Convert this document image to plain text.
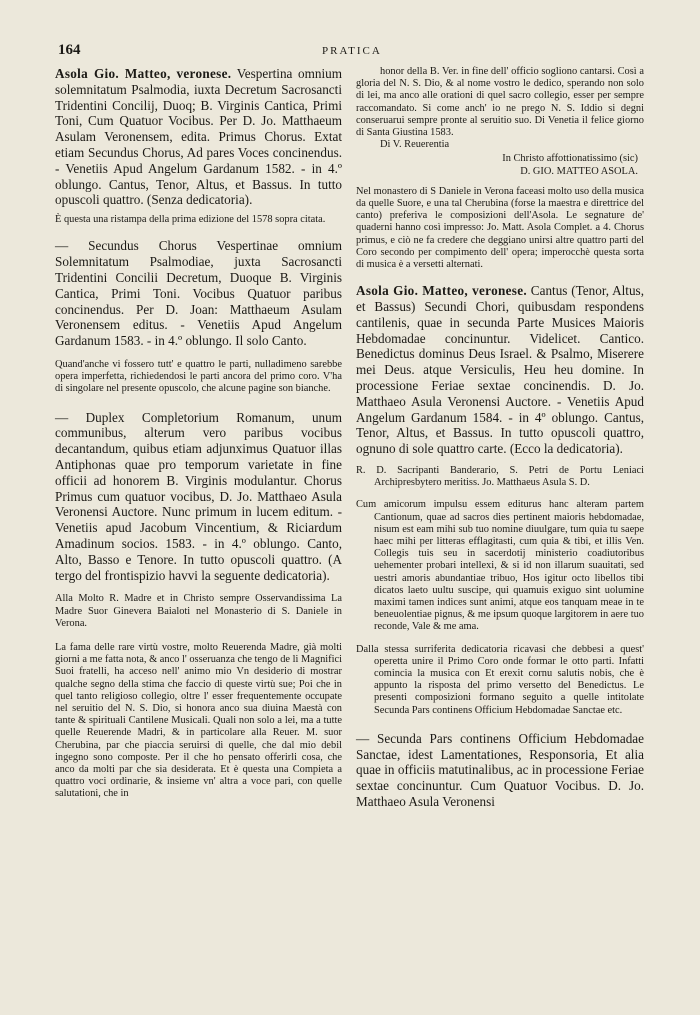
164	PRATICA
Asola Gio. Matteo, veronese. Vespertina omnium solemnitatum Psalmodia, iuxta Decretum Sacrosancti Tridentini Concilij, Duoq; B. Virginis Cantica, Primi Toni, Cum Quatuor Vocibus. Per D. Jo. Matthaeum Asulam Veronensem, edita. Primus Chorus. Extat etiam Secundus Chorus, Ad pares Voces concinendus. - Venetiis Apud Angelum Gardanum 1582. - in 4.º oblungo. Cantus, Tenor, Altus, et Bassus. In tutto opuscoli quattro. (Senza dedicatoria).
È questa una ristampa della prima edizione del 1578 sopra citata.
— Secundus Chorus Vespertinae omnium Solemnitatum Psalmodiae, juxta Sacrosancti Tridentini Concilii Decretum, Duoque B. Virginis Cantica, Primi Toni. Vocibus Quatuor paribus concinendus. Per D. Joan: Matthaeum Asulam Veronensem editus. - Venetiis Apud Angelum Gardanum 1583. - in 4.º oblungo. Il solo Canto.
Quand'anche vi fossero tutt' e quattro le parti, nulladimeno sarebbe opera imperfetta, richiedendosi le parti ancora del primo coro. V'ha di singolare nel presente opuscolo, che alcune pagine son bianche.
— Duplex Completorium Romanum, unum communibus, alterum vero paribus vocibus decantandum, quibus etiam adjunximus Quatuor illas Antiphonas quae pro temporum varietate in fine officii ad honorem B. Virginis modulantur. Chorus Primus cum quatuor vocibus, D. Jo. Matthaeo Asula Veronensi Auctore. Nunc primum in lucem editum. - Venetiis apud Jacobum Vincentium, & Riciardum Amadinum socios. 1583. - in 4.º oblungo. Canto, Alto, Basso e Tenore. In tutto opuscoli quattro. (A tergo del frontispizio havvi la seguente dedicatoria).
Alla Molto R. Madre et in Christo sempre Osservandissima La Madre Suor Ginevera Baialoti nel Monasterio di S. Daniele in Verona.
La fama delle rare virtù vostre, molto Reuerenda Madre, già molti giorni a me fatta nota, & anco l' osseruanza che tengo de li Magnifici Suoi fratelli, ha acceso nell' animo mio Vn desiderio di mostrar qualche segno della stima che faccio di queste virtù sue; Poi che in quel tanto religioso collegio, oltre l' esser frequentemente occupate nel seruitio del N. S. Dio, si honora anco sua diuina Maestà con tante & spirituali Cantilene Musicali. Quali non solo a lei, ma a tutte quelle Reuerende Madri, & in particolare alla Reuer. M. suor Cherubina, par che piaccia seruirsi di quelle, che dal mio debil ingegno sono composte. Per il che ho pensato offerirli cosa, che anco da molti par che sia desiderata. Et è questa una Compieta a quattro voci ordinarie, & insieme vn' altra a voce pari, con quelle salutationi, che in
honor della B. Ver. in fine dell' officio sogliono cantarsi. Così a gloria del N. S. Dio, & al nome vostro le dedico, sperando non solo di lei, ma anco alle orationi di quel sacro collegio, esser per sempre raccomandato. Si come anch' io ne prego N. S. Iddio si degni conseruarui sempre pronte al seruitio suo. Di Venetia il felice giorno di Santa Giustina 1583.
Di V. Reuerentia
In Christo affottionatissimo (sic)
D. GIO. MATTEO ASOLA.
Nel monastero di S Daniele in Verona faceasi molto uso della musica da quelle Suore, e una tal Cherubina (forse la maestra e direttrice del canto) preferiva le composizioni dell'Asola. Le segnature de' quaderni hanno così impresso: Jo. Matt. Asola Complet. a 4. Chorus primus, e ciò ne fa credere che deggiano unirsi altre quattro parti del Coro secondo per compimento dell' opera; imperocchè questa sorta di musica è a versetti alternati.
Asola Gio. Matteo, veronese. Cantus (Tenor, Altus, et Bassus) Secundi Chori, quibusdam respondens cantilenis, quae in secunda Parte Musices Maioris Hebdomadae concinuntur. Videlicet. Cantico. Benedictus dominus Deus Israel. & Psalmo, Miserere mei Deus. atque Versiculis, Heu heu domine. In processione Feriae sextae concinendis. D. Jo. Matthaeo Asula Veronensi Auctore. - Venetiis Apud Angelum Gardanum 1584. - in 4º oblungo. Cantus, Tenor, Altus, et Bassus. In tutto opuscoli quattro, ognuno di sole quattro carte. (Ecco la dedicatoria).
R. D. Sacripanti Banderario, S. Petri de Portu Leniaci Archipresbytero meritiss. Jo. Matthaeus Asula S. D.
Cum amicorum impulsu essem editurus hanc alteram partem Cantionum, quae ad sacros dies pertinent maioris hebdomadae, nisum est eam mihi sub tuo nomine diuulgare, tum quia tu saepe haec mihi per litteras efflagitasti, cum quia & tibi, et illis Ven. Collegis tuis seu in sacerdotij ministerio coadiutoribus uehementer probari intellexi, & si id non illarum suauitati, sed uestri amoris abundantiae tribuo, Hos igitur octo libellos tibi dicatos laeto uultu suscipe, qui quamuis exiguo sint uolumine maximi tamen indices sunt animi, atque eos tanquam meae in te beneuolentiae pignus, & me ipsum quoque largitorem in aere tuo reconde, Vale & me ama.
Dalla stessa surriferita dedicatoria ricavasi che debbesi a quest' operetta unire il Primo Coro onde formar le otto parti. Infatti comincia la musica con Et erexit cornu salutis nobis, che è appunto la risposta del primo versetto del Benedictus. Le presenti composizioni formano seguito a quelle intitolate Secunda Pars continens Officium Hebdomadae Sanctae etc.
— Secunda Pars continens Officium Hebdomadae Sanctae, idest Lamentationes, Responsoria, Et alia quae in officiis matutinalibus, ac in processione Feriae sextae concinuntur. Cum Quatuor Vocibus. D. Jo. Matthaeo Asula Veronensi
